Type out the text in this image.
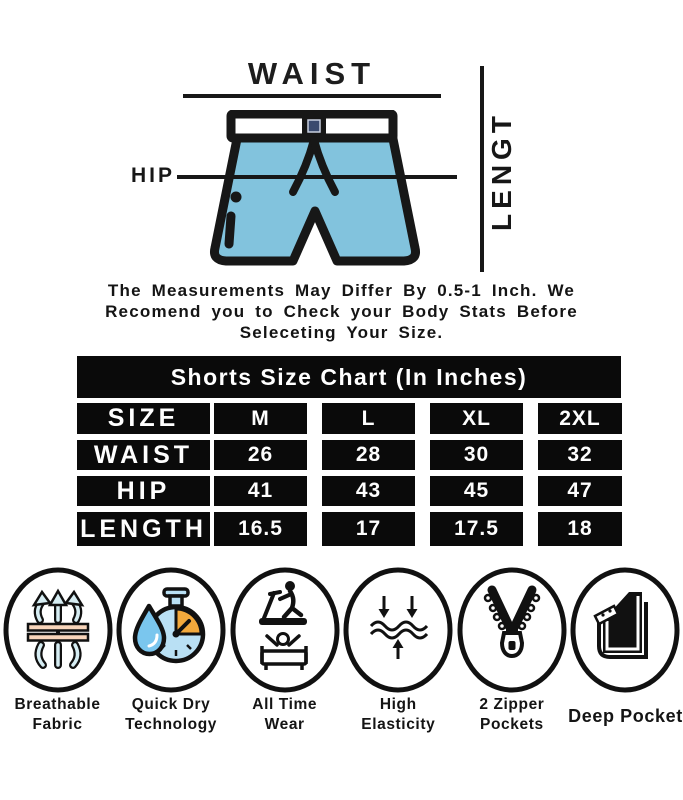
WAIST
HIP	LENGT
The Measurements May Differ By 0.5-1 Inch. We
Recomend you to Check your Body Stats Before
Seleceting Your Size.
Shorts Size Chart (In Inches)
SIZE	M	L	XL	2XL
WAIST	26	28	30	32
HIP	41	43	45	47
LENGTH	16.5	17	17.5	18
Breathable
Fabric
Quick Dry
Technology
All Time
Wear
High
Elasticity
2 Zipper
Pockets Deep Pocket
